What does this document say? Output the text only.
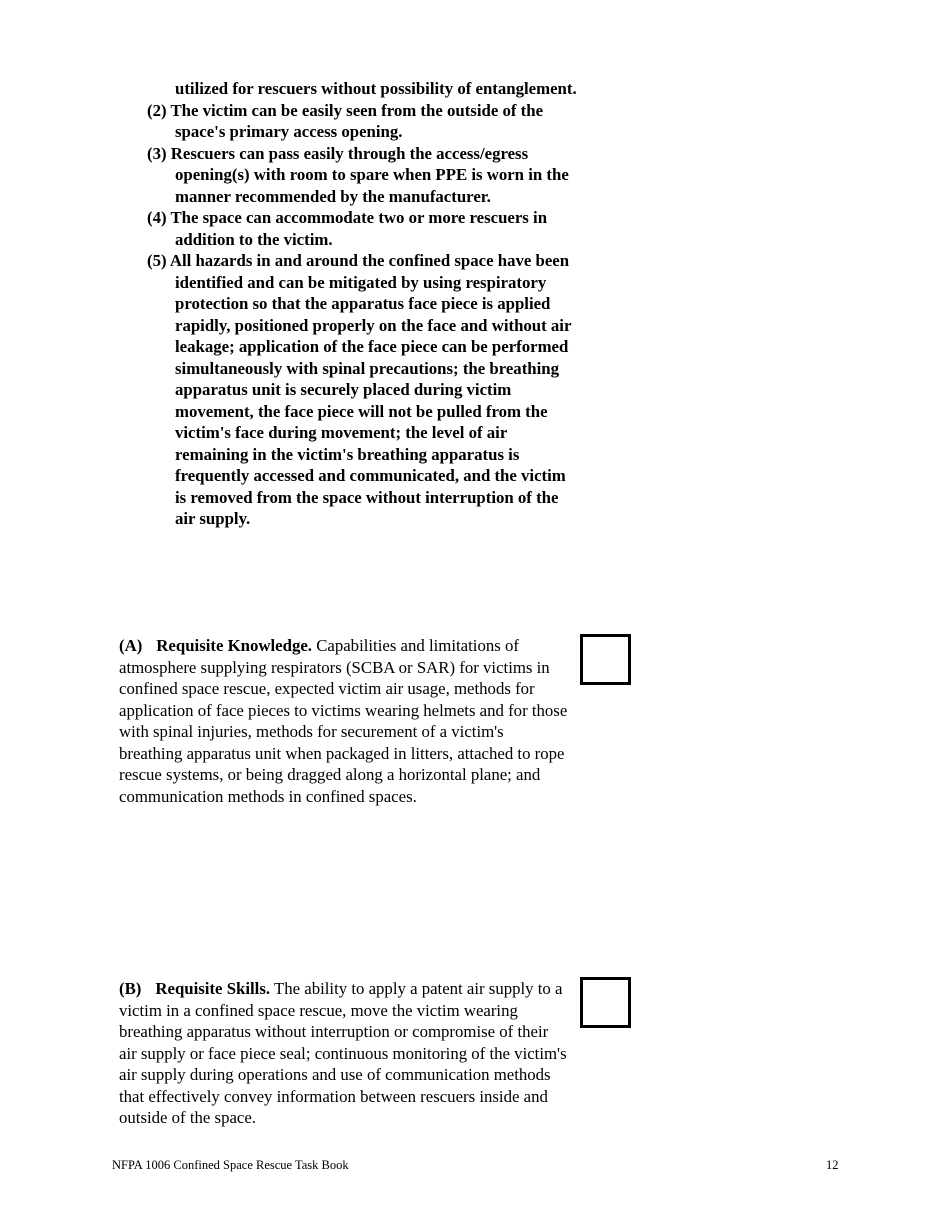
utilized for rescuers without possibility of entanglement.
(2) The victim can be easily seen from the outside of the space's primary access opening.
(3) Rescuers can pass easily through the access/egress opening(s) with room to spare when PPE is worn in the manner recommended by the manufacturer.
(4) The space can accommodate two or more rescuers in addition to the victim.
(5) All hazards in and around the confined space have been identified and can be mitigated by using respiratory protection so that the apparatus face piece is applied rapidly, positioned properly on the face and without air leakage; application of the face piece can be performed simultaneously with spinal precautions; the breathing apparatus unit is securely placed during victim movement, the face piece will not be pulled from the victim's face during movement; the level of air remaining in the victim's breathing apparatus is frequently accessed and communicated, and the victim is removed from the space without interruption of the air supply.
(A) Requisite Knowledge. Capabilities and limitations of atmosphere supplying respirators (SCBA or SAR) for victims in confined space rescue, expected victim air usage, methods for application of face pieces to victims wearing helmets and for those with spinal injuries, methods for securement of a victim's breathing apparatus unit when packaged in litters, attached to rope rescue systems, or being dragged along a horizontal plane; and communication methods in confined spaces.
(B) Requisite Skills. The ability to apply a patent air supply to a victim in a confined space rescue, move the victim wearing breathing apparatus without interruption or compromise of their air supply or face piece seal; continuous monitoring of the victim's air supply during operations and use of communication methods that effectively convey information between rescuers inside and outside of the space.
NFPA 1006 Confined Space Rescue Task Book	12
